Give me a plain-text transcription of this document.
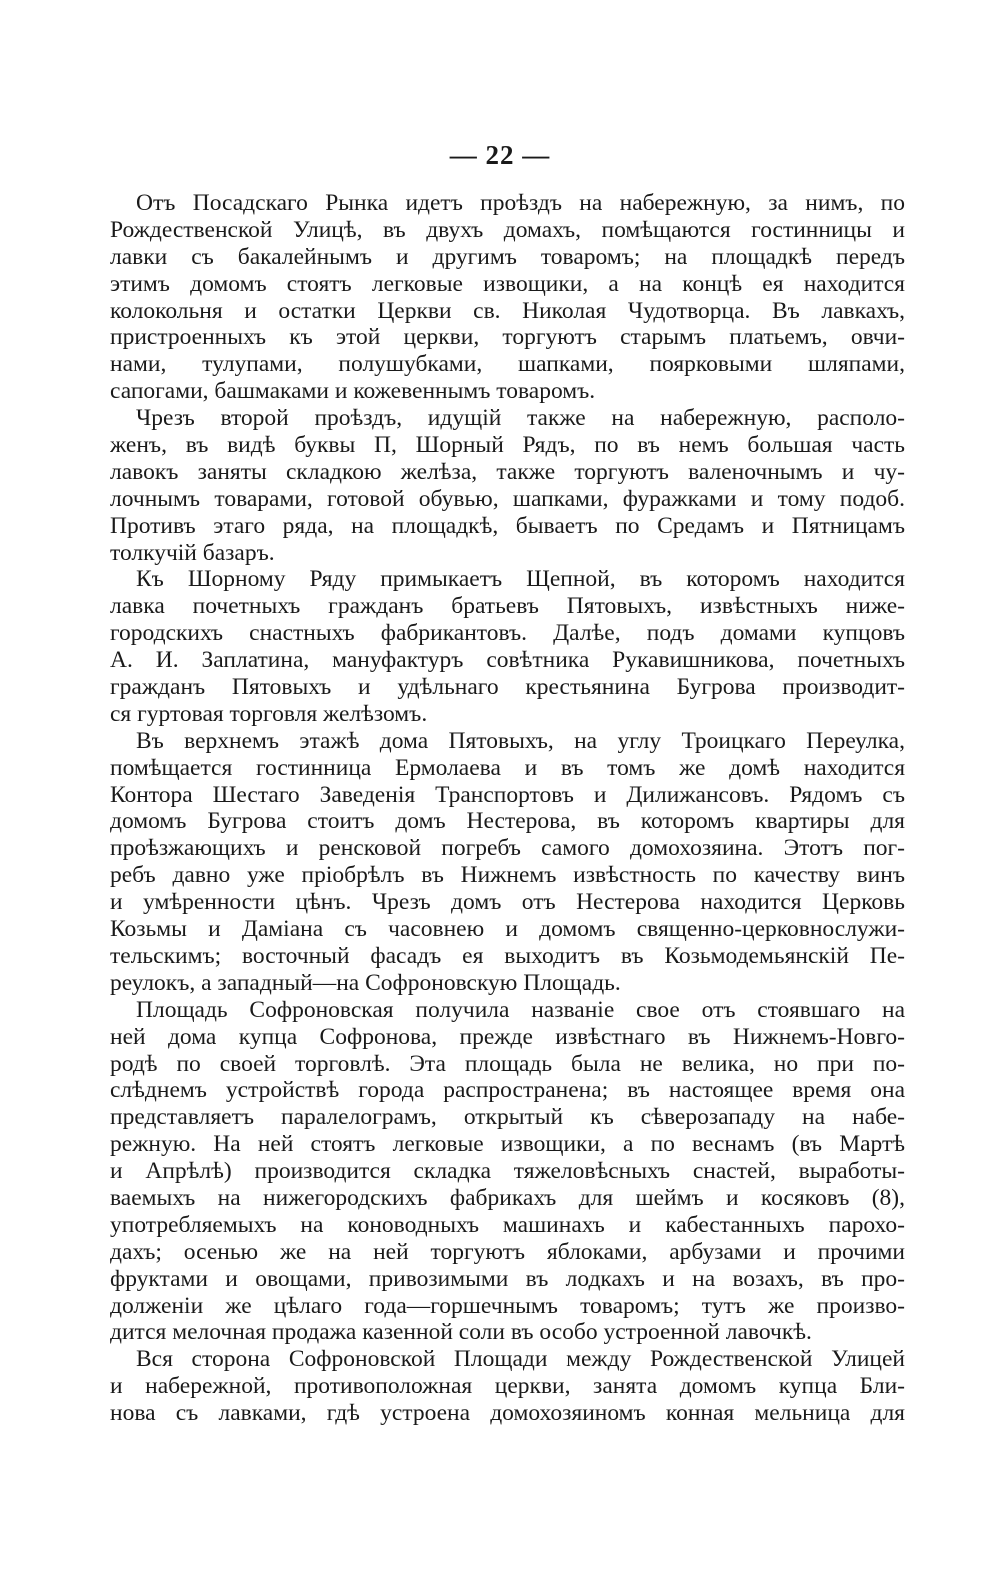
— 22 —
Отъ Посадскаго Рынка идетъ проѣздъ на набережную, за нимъ, по
Рождественской Улицѣ, въ двухъ домахъ, помѣщаются гостинницы и
лавки съ бакалейнымъ и другимъ товаромъ; на площадкѣ передъ
этимъ домомъ стоятъ легковые извощики, а на концѣ ея находится
колокольня и остатки Церкви св. Николая Чудотворца. Въ лавкахъ,
пристроенныхъ къ этой церкви, торгуютъ старымъ платьемъ, овчи-
нами, тулупами, полушубками, шапками, поярковыми шляпами,
сапогами, башмаками и кожевеннымъ товаромъ.
Чрезъ второй проѣздъ, идущій также на набережную, располо-
женъ, въ видѣ буквы П, Шорный Рядъ, по въ немъ большая часть
лавокъ заняты складкою желѣза, также торгуютъ валеночнымъ и чу-
лочнымъ товарами, готовой обувью, шапками, фуражками и тому подоб.
Противъ этаго ряда, на площадкѣ, бываетъ по Средамъ и Пятницамъ
толкучій базаръ.
Къ Шорному Ряду примыкаетъ Щепной, въ которомъ находится
лавка почетныхъ гражданъ братьевъ Пятовыхъ, извѣстныхъ ниже-
городскихъ снастныхъ фабрикантовъ. Далѣе, подъ домами купцовъ
А. И. Заплатина, мануфактуръ совѣтника Рукавишникова, почетныхъ
гражданъ Пятовыхъ и удѣльнаго крестьянина Бугрова производит-
ся гуртовая торговля желѣзомъ.
Въ верхнемъ этажѣ дома Пятовыхъ, на углу Троицкаго Переулка,
помѣщается гостинница Ермолаева и въ томъ же домѣ находится
Контора Шестаго Заведенія Транспортовъ и Дилижансовъ. Рядомъ съ
домомъ Бугрова стоитъ домъ Нестерова, въ которомъ квартиры для
проѣзжающихъ и ренсковой погребъ самого домохозяина. Этотъ пог-
ребъ давно уже пріобрѣлъ въ Нижнемъ извѣстность по качеству винъ
и умѣренности цѣнъ. Чрезъ домъ отъ Нестерова находится Церковь
Козьмы и Даміана съ часовнею и домомъ священно-церковнослужи-
тельскимъ; восточный фасадъ ея выходитъ въ Козьмодемьянскій Пе-
реулокъ, а западный—на Софроновскую Площадь.
Площадь Софроновская получила названіе свое отъ стоявшаго на
ней дома купца Софронова, прежде извѣстнаго въ Нижнемъ-Новго-
родѣ по своей торговлѣ. Эта площадь была не велика, но при по-
слѣднемъ устройствѣ города распространена; въ настоящее время она
представляетъ паралелограмъ, открытый къ сѣверозападу на набе-
режную. На ней стоятъ легковые извощики, а по веснамъ (въ Мартѣ
и Апрѣлѣ) производится складка тяжеловѣсныхъ снастей, выработы-
ваемыхъ на нижегородскихъ фабрикахъ для шеймъ и косяковъ (8),
употребляемыхъ на коноводныхъ машинахъ и кабестанныхъ парохо-
дахъ; осенью же на ней торгуютъ яблоками, арбузами и прочими
фруктами и овощами, привозимыми въ лодкахъ и на возахъ, въ про-
долженіи же цѣлаго года—горшечнымъ товаромъ; тутъ же произво-
дится мелочная продажа казенной соли въ особо устроенной лавочкѣ.
Вся сторона Софроновской Площади между Рождественской Улицей
и набережной, противоположная церкви, занята домомъ купца Бли-
нова съ лавками, гдѣ устроена домохозяиномъ конная мельница для
